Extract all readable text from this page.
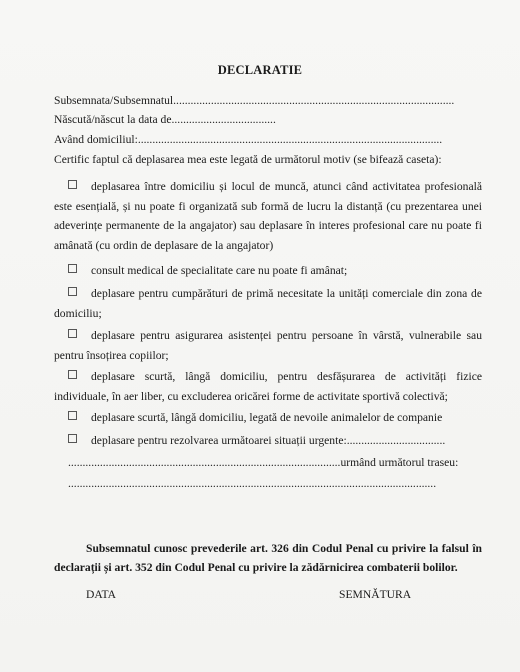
DECLARATIE
Subsemnata/Subsemnatul.................................................................................................
Născută/născut la data de....................................
Având domiciliul:.........................................................................................................
Certific faptul că deplasarea mea este legată de următorul motiv (se bifează caseta):
deplasarea între domiciliu și locul de muncă, atunci când activitatea profesională este esențială, și nu poate fi organizată sub formă de lucru la distanță (cu prezentarea unei adeverințe permanente de la angajator) sau deplasare în interes profesional care nu poate fi amânată (cu ordin de deplasare de la angajator)
consult medical de specialitate care nu poate fi amânat;
deplasare pentru cumpărături de primă necesitate la unități comerciale din zona de domiciliu;
deplasare pentru asigurarea asistenței pentru persoane în vârstă, vulnerabile sau pentru însoțirea copiilor;
deplasare scurtă, lângă domiciliu, pentru desfășurarea de activități fizice individuale, în aer liber, cu excluderea oricărei forme de activitate sportivă colectivă;
deplasare scurtă, lângă domiciliu, legată de nevoile animalelor de companie
deplasare pentru rezolvarea următoarei situații urgente:..................................
..............................................................................................urmând următorul traseu:
...............................................................................................................................
Subsemnatul cunosc prevederile art. 326 din Codul Penal cu privire la falsul în declarații și art. 352 din Codul Penal cu privire la zădărnicirea combaterii bolilor.
DATA	SEMNĂTURA
